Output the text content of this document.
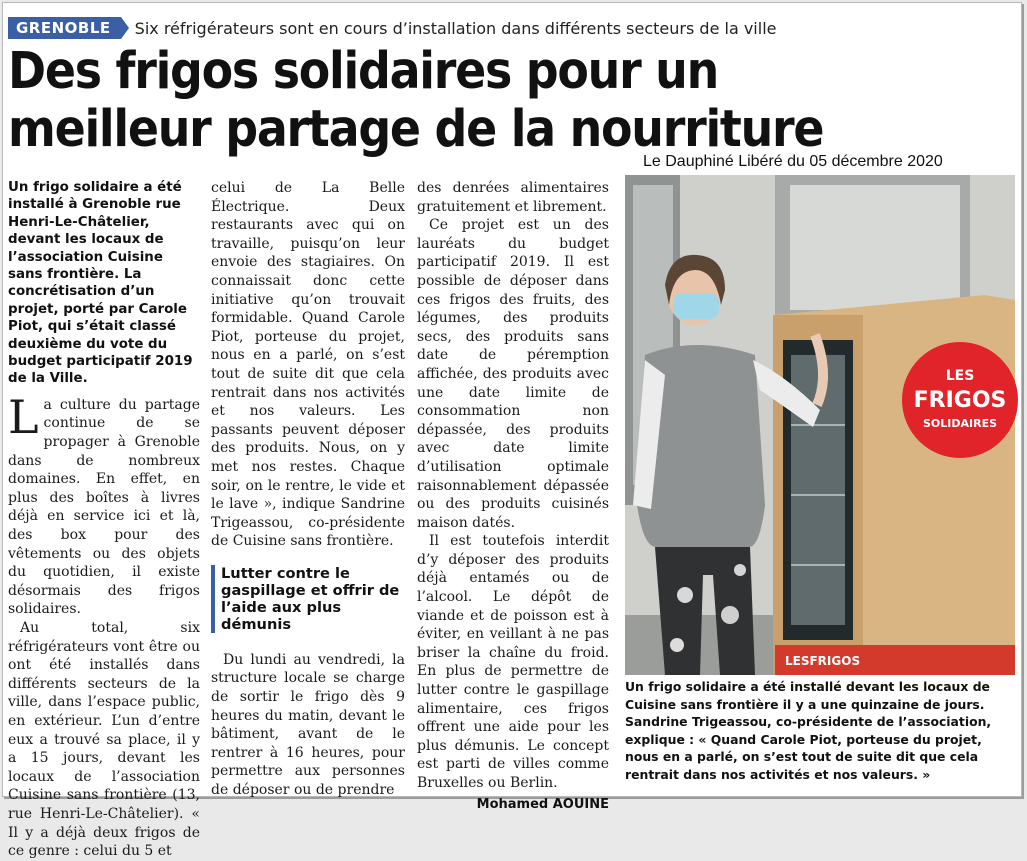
GRENOBLE	Six réfrigérateurs sont en cours d’installation dans différents secteurs de la ville
Des frigos solidaires pour un meilleur partage de la nourriture
Le Dauphiné Libéré du 05 décembre 2020
Un frigo solidaire a été installé à Grenoble rue Henri-Le-Châtelier, devant les locaux de l’association Cuisine sans frontière. La concrétisation d’un projet, porté par Carole Piot, qui s’était classé deuxième du vote du budget participatif 2019 de la Ville.

La culture du partage continue de se propager à Grenoble dans de nombreux domaines. En effet, en plus des boîtes à livres déjà en service ici et là, des box pour des vêtements ou des objets du quotidien, il existe désormais des frigos solidaires.

Au total, six réfrigérateurs vont être ou ont été installés dans différents secteurs de la ville, dans l’espace public, en extérieur. L’un d’entre eux a trouvé sa place, il y a 15 jours, devant les locaux de l’association Cuisine sans frontière (13, rue Henri-Le-Châtelier). « Il y a déjà deux frigos de ce genre : celui du 5 et

celui de La Belle Électrique. Deux restaurants avec qui on travaille, puisqu’on leur envoie des stagiaires. On connaissait donc cette initiative qu’on trouvait formidable. Quand Carole Piot, porteuse du projet, nous en a parlé, on s’est tout de suite dit que cela rentrait dans nos activités et nos valeurs. Les passants peuvent déposer des produits. Nous, on y met nos restes. Chaque soir, on le rentre, le vide et le lave », indique Sandrine Trigeassou, co-présidente de Cuisine sans frontière.

Lutter contre le gaspillage et offrir de l’aide aux plus démunis

Du lundi au vendredi, la structure locale se charge de sortir le frigo dès 9 heures du matin, devant le bâtiment, avant de le rentrer à 16 heures, pour permettre aux personnes de déposer ou de prendre

des denrées alimentaires gratuitement et librement.

Ce projet est un des lauréats du budget participatif 2019. Il est possible de déposer dans ces frigos des fruits, des légumes, des produits secs, des produits sans date de péremption affichée, des produits avec une date limite de consommation non dépassée, des produits avec date limite d’utilisation optimale raisonnablement dépassée ou des produits cuisinés maison datés.

Il est toutefois interdit d’y déposer des produits déjà entamés ou de l’alcool. Le dépôt de viande et de poisson est à éviter, en veillant à ne pas briser la chaîne du froid. En plus de permettre de lutter contre le gaspillage alimentaire, ces frigos offrent une aide pour les plus démunis. Le concept est parti de villes comme Bruxelles ou Berlin.

Mohamed AOUINE
LESFRIGOS
LES
FRIGOS
SOLIDAIRES
Un frigo solidaire a été installé devant les locaux de Cuisine sans frontière il y a une quinzaine de jours. Sandrine Trigeassou, co-présidente de l’association, explique : « Quand Carole Piot, porteuse du projet, nous en a parlé, on s’est tout de suite dit que cela rentrait dans nos activités et nos valeurs. »
